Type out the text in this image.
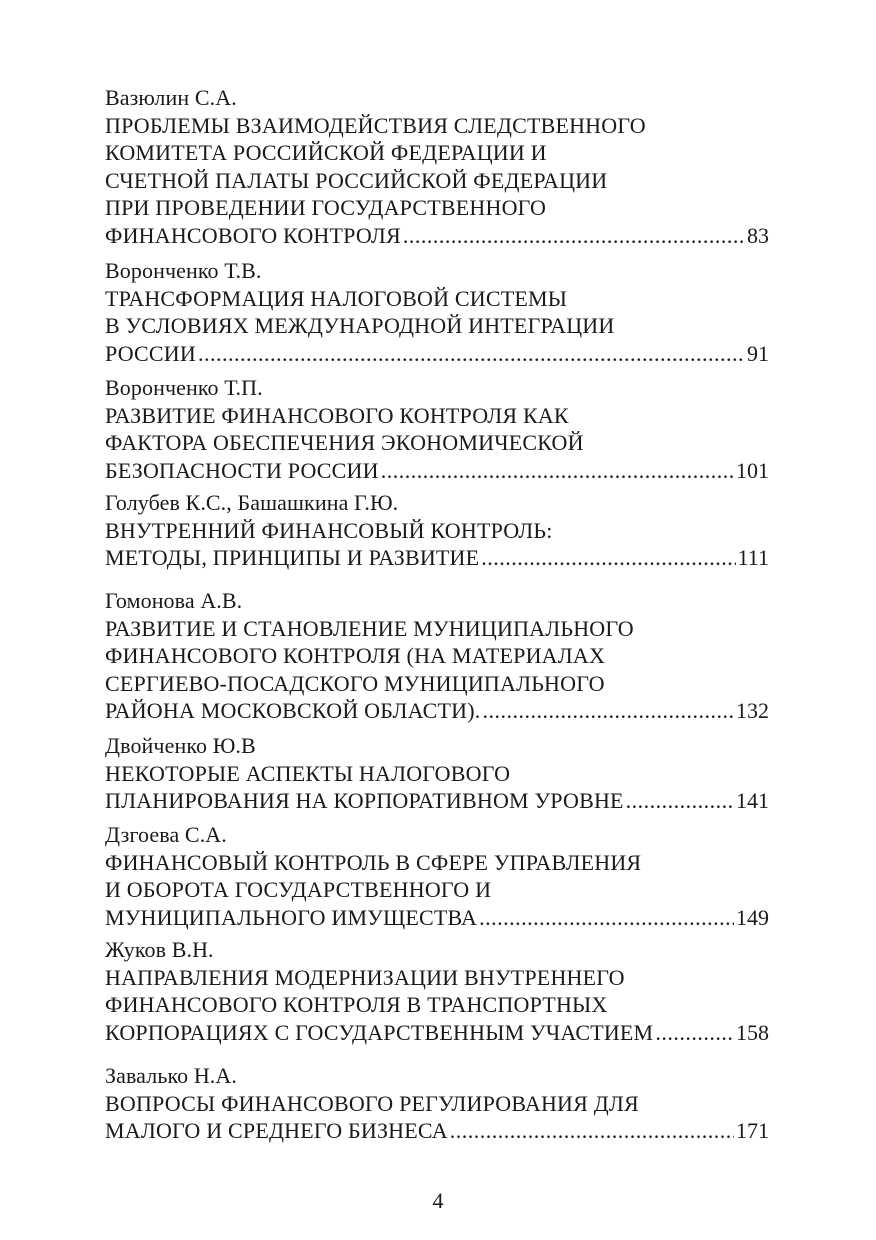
Вазюлин С.А.
ПРОБЛЕМЫ ВЗАИМОДЕЙСТВИЯ СЛЕДСТВЕННОГО
КОМИТЕТА РОССИЙСКОЙ ФЕДЕРАЦИИ И
СЧЕТНОЙ ПАЛАТЫ РОССИЙСКОЙ ФЕДЕРАЦИИ
ПРИ ПРОВЕДЕНИИ ГОСУДАРСТВЕННОГО
ФИНАНСОВОГО КОНТРОЛЯ .....	83
Воронченко Т.В.
ТРАНСФОРМАЦИЯ НАЛОГОВОЙ СИСТЕМЫ
В УСЛОВИЯХ МЕЖДУНАРОДНОЙ ИНТЕГРАЦИИ
РОССИИ .....	91
Воронченко Т.П.
РАЗВИТИЕ ФИНАНСОВОГО КОНТРОЛЯ КАК
ФАКТОРА ОБЕСПЕЧЕНИЯ ЭКОНОМИЧЕСКОЙ
БЕЗОПАСНОСТИ РОССИИ .....	101
Голубев К.С., Башашкина Г.Ю.
ВНУТРЕННИЙ ФИНАНСОВЫЙ КОНТРОЛЬ:
МЕТОДЫ, ПРИНЦИПЫ И РАЗВИТИЕ .....	111
Гомонова А.В.
РАЗВИТИЕ И СТАНОВЛЕНИЕ МУНИЦИПАЛЬНОГО
ФИНАНСОВОГО КОНТРОЛЯ (НА МАТЕРИАЛАХ
СЕРГИЕВО-ПОСАДСКОГО МУНИЦИПАЛЬНОГО
РАЙОНА МОСКОВСКОЙ ОБЛАСТИ). .....	132
Двойченко Ю.В
НЕКОТОРЫЕ АСПЕКТЫ НАЛОГОВОГО
ПЛАНИРОВАНИЯ НА КОРПОРАТИВНОМ УРОВНЕ .....	141
Дзгоева С.А.
ФИНАНСОВЫЙ КОНТРОЛЬ В СФЕРЕ УПРАВЛЕНИЯ
И ОБОРОТА ГОСУДАРСТВЕННОГО И
МУНИЦИПАЛЬНОГО ИМУЩЕСТВА .....	149
Жуков В.Н.
НАПРАВЛЕНИЯ МОДЕРНИЗАЦИИ ВНУТРЕННЕГО
ФИНАНСОВОГО КОНТРОЛЯ В ТРАНСПОРТНЫХ
КОРПОРАЦИЯХ С ГОСУДАРСТВЕННЫМ УЧАСТИЕМ .....	158
Завалько Н.А.
ВОПРОСЫ ФИНАНСОВОГО РЕГУЛИРОВАНИЯ ДЛЯ
МАЛОГО И СРЕДНЕГО БИЗНЕСА .....	171
4
